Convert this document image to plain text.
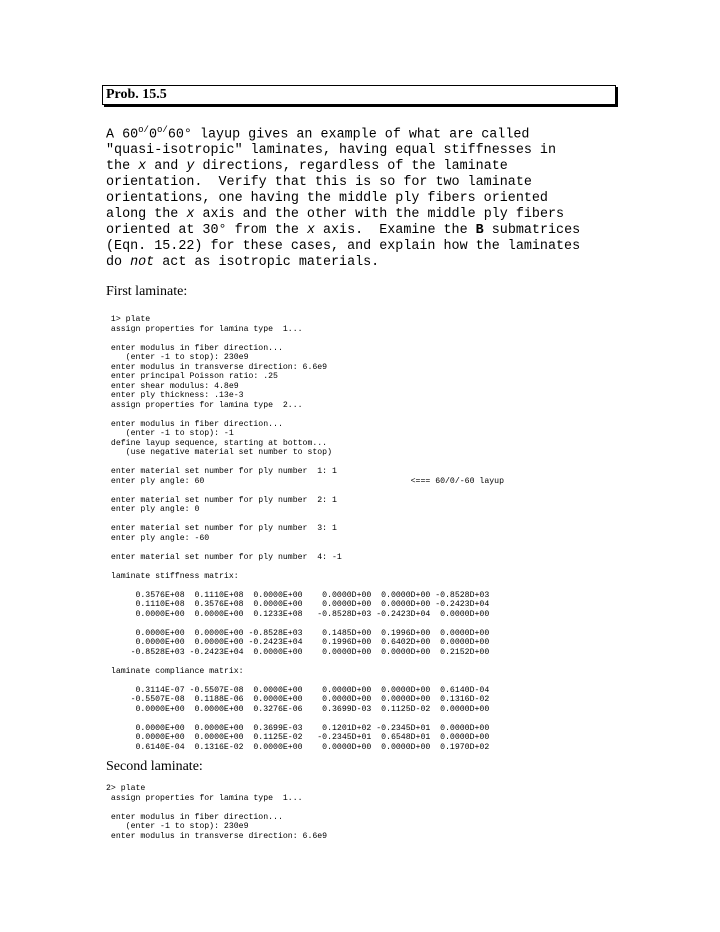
Prob. 15.5
A $60^{o/}0^{o/}60^\circ$ layup gives an example of what are called
"quasi-isotropic" laminates, having equal stiffnesses in
the x and y directions, regardless of the laminate
orientation.  Verify that this is so for two laminate
orientations, one having the middle ply fibers oriented
along the x axis and the other with the middle ply fibers
oriented at 30° from the x axis.  Examine the B submatrices
(Eqn. 15.22) for these cases, and explain how the laminates
do not act as isotropic materials.
First laminate:
1> plate
assign properties for lamina type  1...

enter modulus in fiber direction...
(enter -1 to stop): 230e9
enter modulus in transverse direction: 6.6e9
enter principal Poisson ratio: .25
enter shear modulus: 4.8e9
enter ply thickness: .13e-3
assign properties for lamina type  2...

enter modulus in fiber direction...
(enter -1 to stop): -1
define layup sequence, starting at bottom...
(use negative material set number to stop)

enter material set number for ply number  1: 1
enter ply angle: 60                                          <=== 60/0/-60 layup

enter material set number for ply number  2: 1
enter ply angle: 0

enter material set number for ply number  3: 1
enter ply angle: -60

enter material set number for ply number  4: -1

laminate stiffness matrix:

0.3576E+08  0.1110E+08  0.0000E+00    0.0000D+00  0.0000D+00 -0.8528D+03
0.1110E+08  0.3576E+08  0.0000E+00    0.0000D+00  0.0000D+00 -0.2423D+04
0.0000E+00  0.0000E+00  0.1233E+08   -0.8528D+03 -0.2423D+04  0.0000D+00

0.0000E+00  0.0000E+00 -0.8528E+03    0.1485D+00  0.1996D+00  0.0000D+00
0.0000E+00  0.0000E+00 -0.2423E+04    0.1996D+00  0.6402D+00  0.0000D+00
-0.8528E+03 -0.2423E+04  0.0000E+00    0.0000D+00  0.0000D+00  0.2152D+00

laminate compliance matrix:

0.3114E-07 -0.5507E-08  0.0000E+00    0.0000D+00  0.0000D+00  0.6140D-04
-0.5507E-08  0.1188E-06  0.0000E+00    0.0000D+00  0.0000D+00  0.1316D-02
0.0000E+00  0.0000E+00  0.3276E-06    0.3699D-03  0.1125D-02  0.0000D+00

0.0000E+00  0.0000E+00  0.3699E-03    0.1201D+02 -0.2345D+01  0.0000D+00
0.0000E+00  0.0000E+00  0.1125E-02   -0.2345D+01  0.6548D+01  0.0000D+00
0.6140E-04  0.1316E-02  0.0000E+00    0.0000D+00  0.0000D+00  0.1970D+02
Second laminate:
2> plate
assign properties for lamina type  1...

enter modulus in fiber direction...
(enter -1 to stop): 230e9
enter modulus in transverse direction: 6.6e9
